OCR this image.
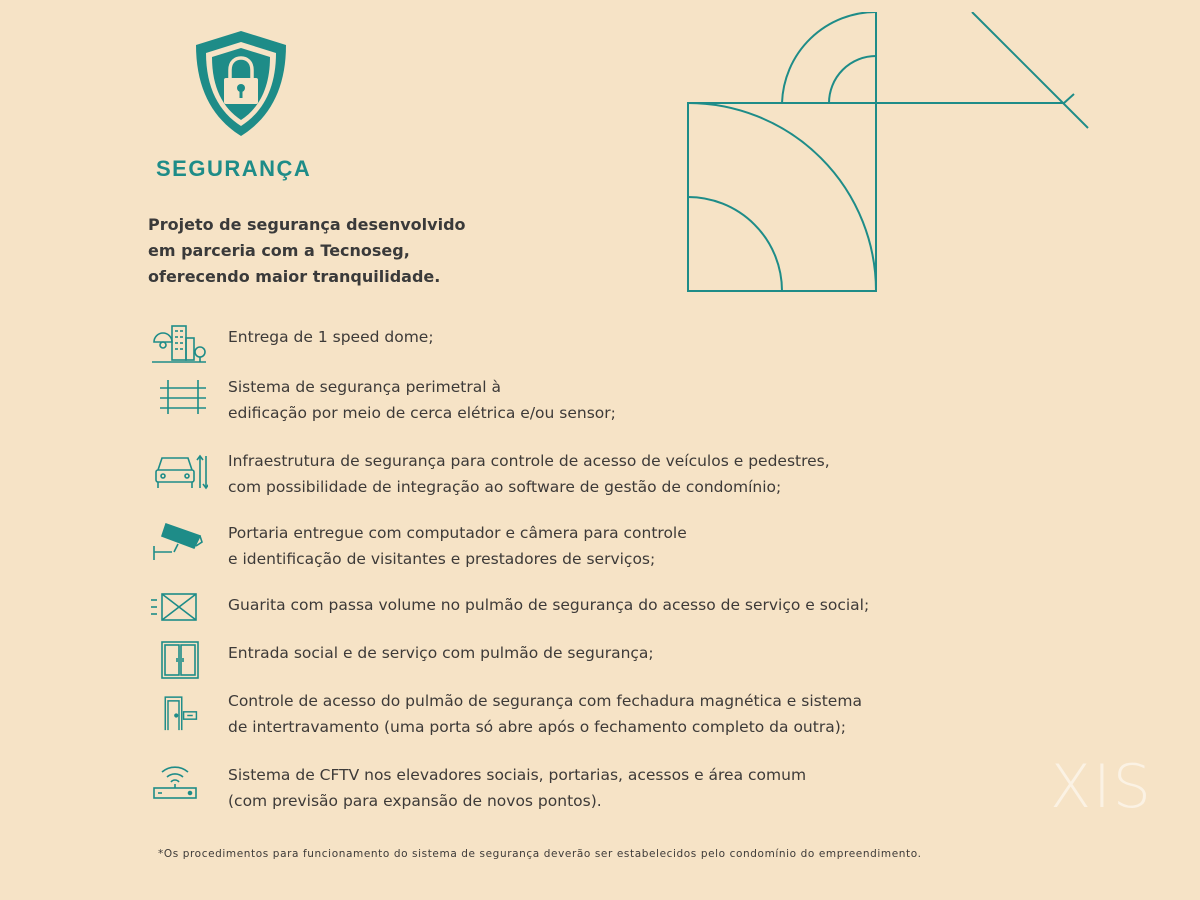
SEGURANÇA
Projeto de segurança desenvolvido
em parceria com a Tecnoseg,
oferecendo maior tranquilidade.
Entrega de 1 speed dome;
Sistema de segurança perimetral à
edificação por meio de cerca elétrica e/ou sensor;
Infraestrutura de segurança para controle de acesso de veículos e pedestres,
com possibilidade de integração ao software de gestão de condomínio;
Portaria entregue com computador e câmera para controle
e identificação de visitantes e prestadores de serviços;
Guarita com passa volume no pulmão de segurança do acesso de serviço e social;
Entrada social e de serviço com pulmão de segurança;
Controle de acesso do pulmão de segurança com fechadura magnética e sistema
de intertravamento (uma porta só abre após o fechamento completo da outra);
Sistema de CFTV nos elevadores sociais, portarias, acessos e área comum
(com previsão para expansão de novos pontos).	XIS
*Os procedimentos para funcionamento do sistema de segurança deverão ser estabelecidos pelo condomínio do empreendimento.
